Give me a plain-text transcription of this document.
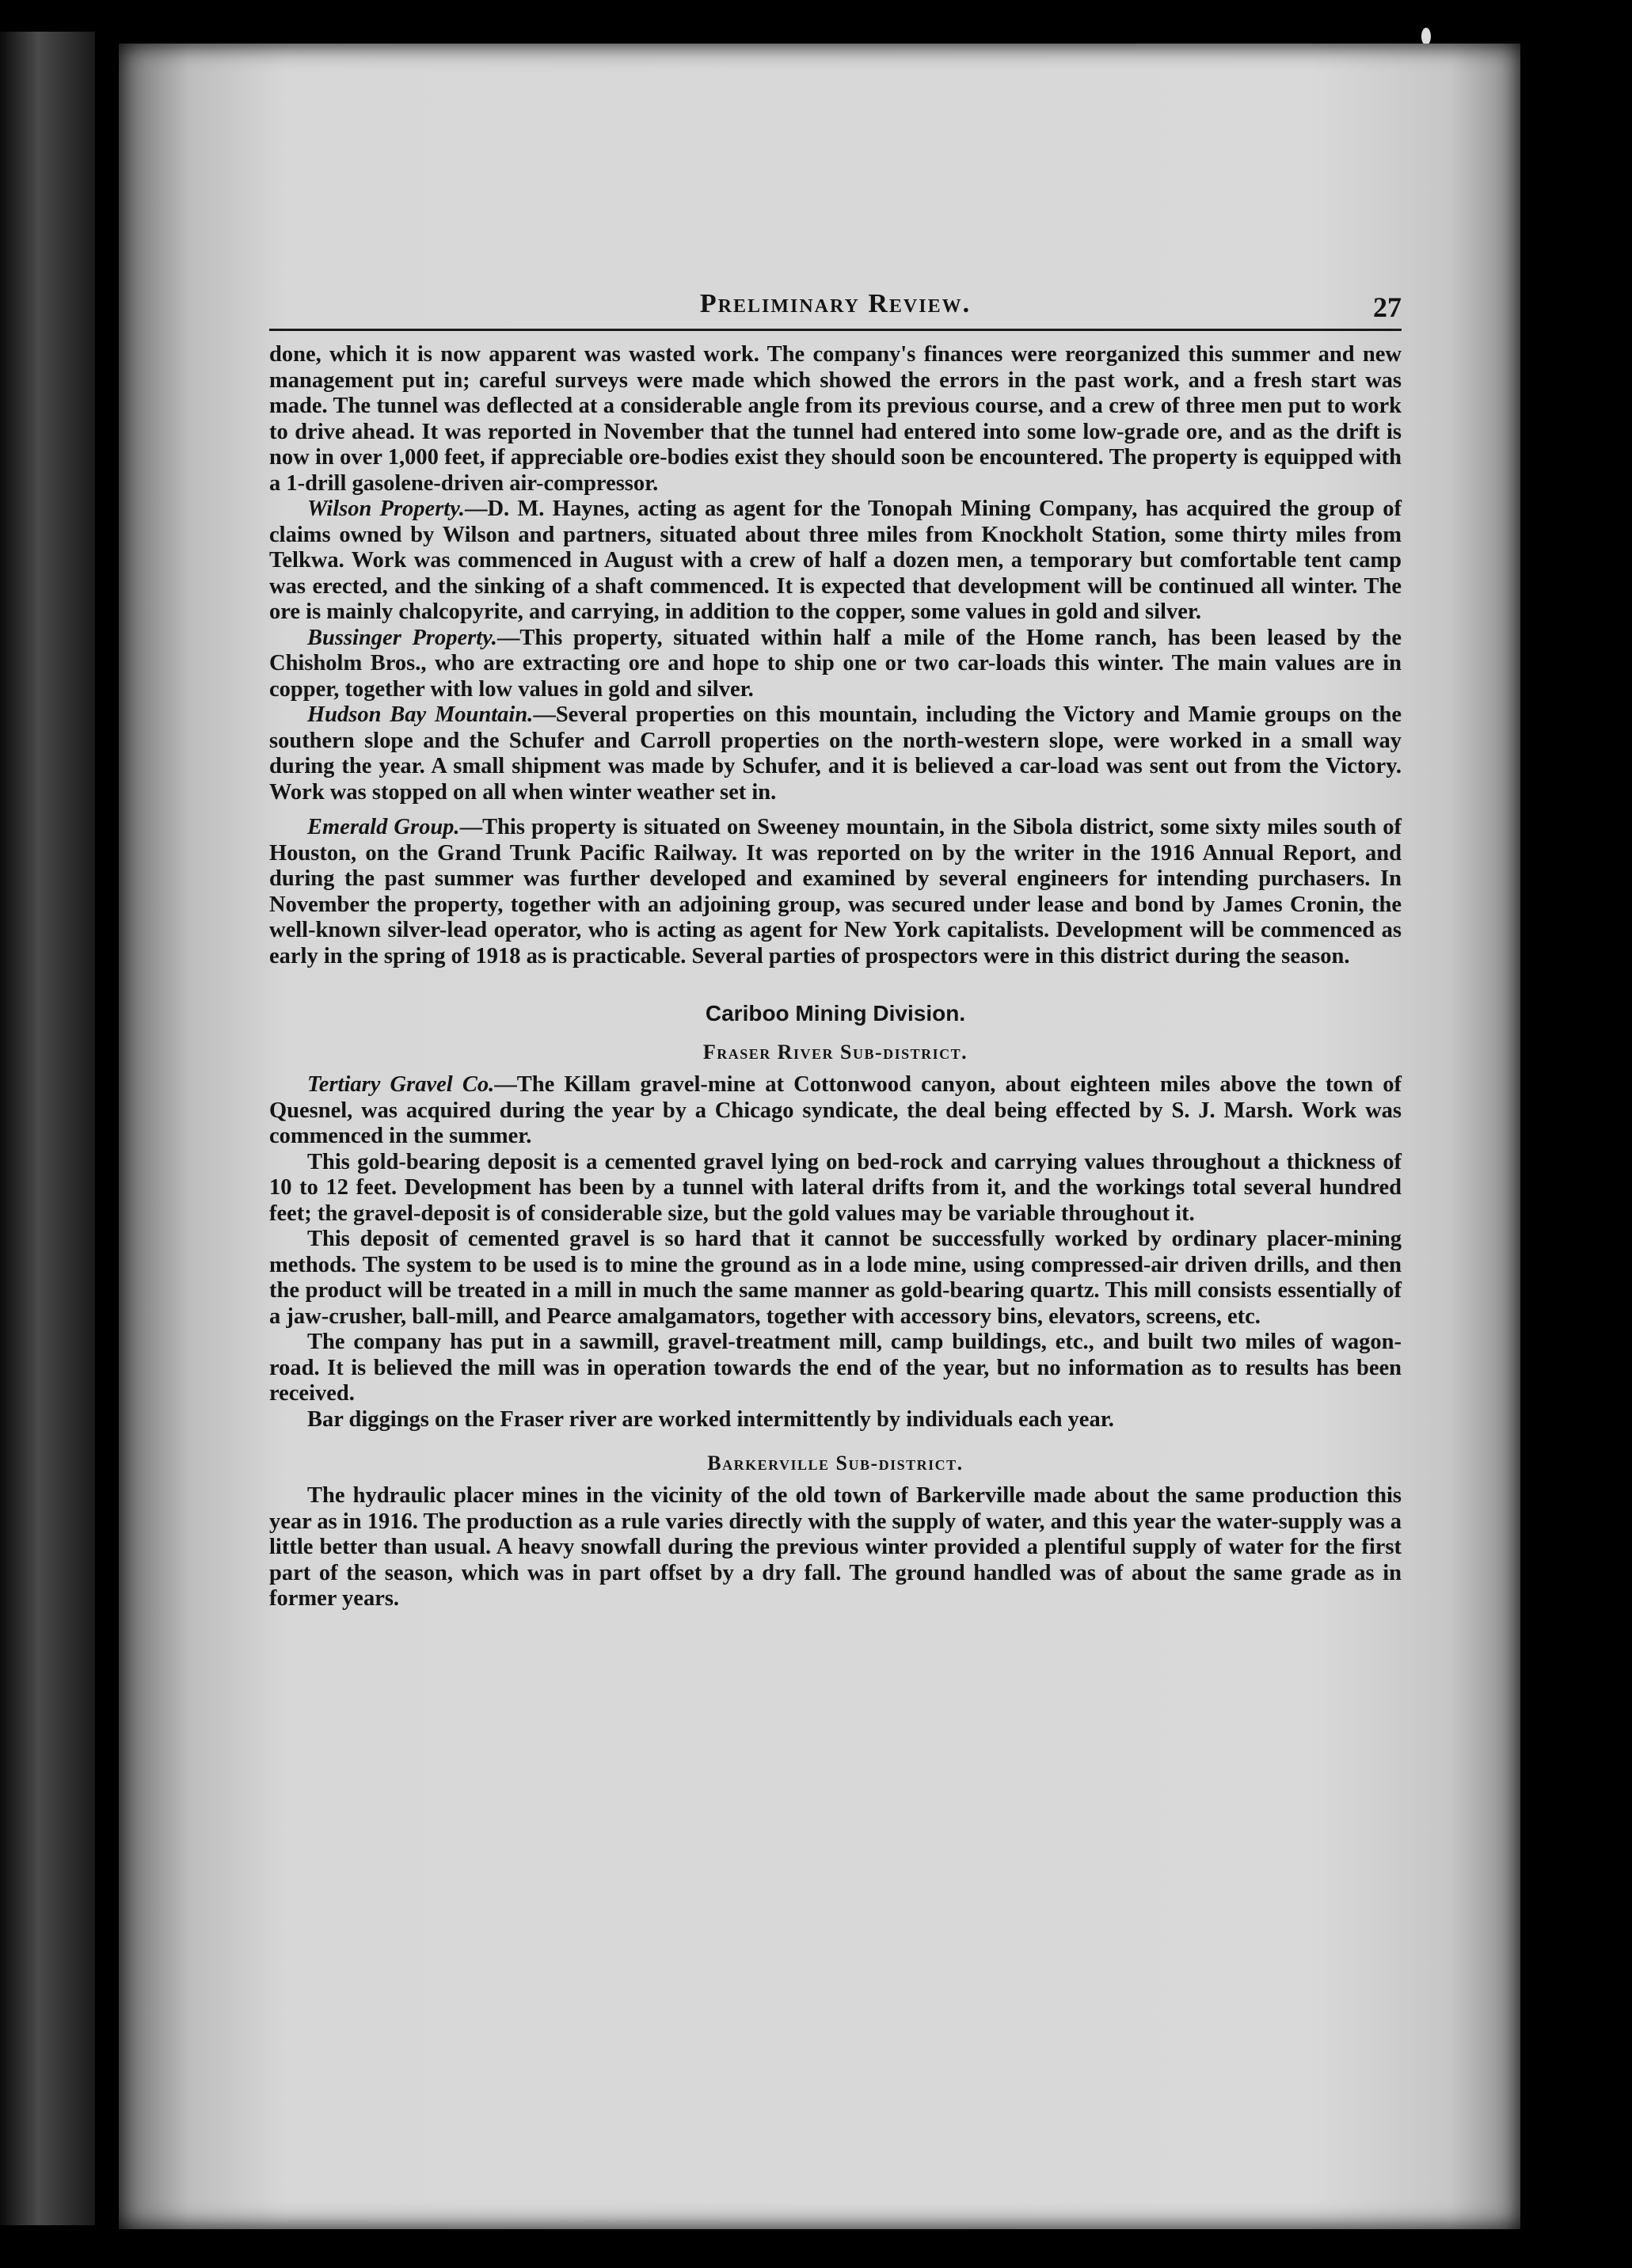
Preliminary Review.	27

done, which it is now apparent was wasted work. The company's finances were reorganized this summer and new management put in; careful surveys were made which showed the errors in the past work, and a fresh start was made. The tunnel was deflected at a considerable angle from its previous course, and a crew of three men put to work to drive ahead. It was reported in November that the tunnel had entered into some low-grade ore, and as the drift is now in over 1,000 feet, if appreciable ore-bodies exist they should soon be encountered. The property is equipped with a 1-drill gasolene-driven air-compressor.

Wilson Property.—D. M. Haynes, acting as agent for the Tonopah Mining Company, has acquired the group of claims owned by Wilson and partners, situated about three miles from Knockholt Station, some thirty miles from Telkwa. Work was commenced in August with a crew of half a dozen men, a temporary but comfortable tent camp was erected, and the sinking of a shaft commenced. It is expected that development will be continued all winter. The ore is mainly chalcopyrite, and carrying, in addition to the copper, some values in gold and silver.

Bussinger Property.—This property, situated within half a mile of the Home ranch, has been leased by the Chisholm Bros., who are extracting ore and hope to ship one or two car-loads this winter. The main values are in copper, together with low values in gold and silver.

Hudson Bay Mountain.—Several properties on this mountain, including the Victory and Mamie groups on the southern slope and the Schufer and Carroll properties on the north-western slope, were worked in a small way during the year. A small shipment was made by Schufer, and it is believed a car-load was sent out from the Victory. Work was stopped on all when winter weather set in.

Emerald Group.—This property is situated on Sweeney mountain, in the Sibola district, some sixty miles south of Houston, on the Grand Trunk Pacific Railway. It was reported on by the writer in the 1916 Annual Report, and during the past summer was further developed and examined by several engineers for intending purchasers. In November the property, together with an adjoining group, was secured under lease and bond by James Cronin, the well-known silver-lead operator, who is acting as agent for New York capitalists. Development will be commenced as early in the spring of 1918 as is practicable. Several parties of prospectors were in this district during the season.

Cariboo Mining Division.
Fraser River Sub-district.

Tertiary Gravel Co.—The Killam gravel-mine at Cottonwood canyon, about eighteen miles above the town of Quesnel, was acquired during the year by a Chicago syndicate, the deal being effected by S. J. Marsh. Work was commenced in the summer.

This gold-bearing deposit is a cemented gravel lying on bed-rock and carrying values throughout a thickness of 10 to 12 feet. Development has been by a tunnel with lateral drifts from it, and the workings total several hundred feet; the gravel-deposit is of considerable size, but the gold values may be variable throughout it.

This deposit of cemented gravel is so hard that it cannot be successfully worked by ordinary placer-mining methods. The system to be used is to mine the ground as in a lode mine, using compressed-air driven drills, and then the product will be treated in a mill in much the same manner as gold-bearing quartz. This mill consists essentially of a jaw-crusher, ball-mill, and Pearce amalgamators, together with accessory bins, elevators, screens, etc.

The company has put in a sawmill, gravel-treatment mill, camp buildings, etc., and built two miles of wagon-road. It is believed the mill was in operation towards the end of the year, but no information as to results has been received.

Bar diggings on the Fraser river are worked intermittently by individuals each year.

Barkerville Sub-district.

The hydraulic placer mines in the vicinity of the old town of Barkerville made about the same production this year as in 1916. The production as a rule varies directly with the supply of water, and this year the water-supply was a little better than usual. A heavy snowfall during the previous winter provided a plentiful supply of water for the first part of the season, which was in part offset by a dry fall. The ground handled was of about the same grade as in former years.
